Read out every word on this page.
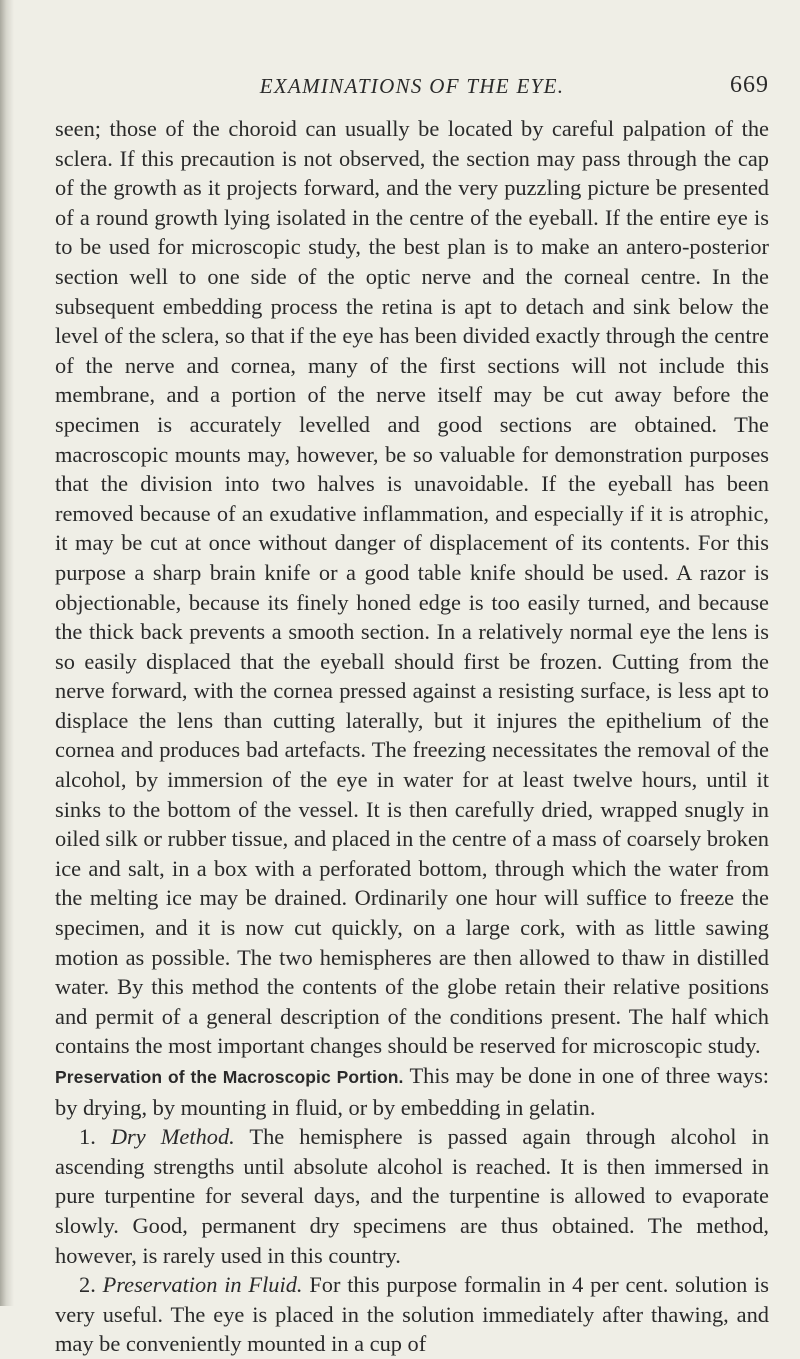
EXAMINATIONS OF THE EYE.	669

seen; those of the choroid can usually be located by careful palpation of the sclera. If this precaution is not observed, the section may pass through the cap of the growth as it projects forward, and the very puzzling picture be presented of a round growth lying isolated in the centre of the eyeball. If the entire eye is to be used for microscopic study, the best plan is to make an antero-posterior section well to one side of the optic nerve and the corneal centre. In the subsequent embedding process the retina is apt to detach and sink below the level of the sclera, so that if the eye has been divided exactly through the centre of the nerve and cornea, many of the first sections will not include this membrane, and a portion of the nerve itself may be cut away before the specimen is accurately levelled and good sections are obtained. The macroscopic mounts may, however, be so valuable for demonstration purposes that the division into two halves is unavoidable. If the eyeball has been removed because of an exudative inflammation, and especially if it is atrophic, it may be cut at once without danger of displacement of its contents. For this purpose a sharp brain knife or a good table knife should be used. A razor is objectionable, because its finely honed edge is too easily turned, and because the thick back prevents a smooth section. In a relatively normal eye the lens is so easily displaced that the eyeball should first be frozen. Cutting from the nerve forward, with the cornea pressed against a resisting surface, is less apt to displace the lens than cutting laterally, but it injures the epithelium of the cornea and produces bad artefacts. The freezing necessitates the removal of the alcohol, by immersion of the eye in water for at least twelve hours, until it sinks to the bottom of the vessel. It is then carefully dried, wrapped snugly in oiled silk or rubber tissue, and placed in the centre of a mass of coarsely broken ice and salt, in a box with a perforated bottom, through which the water from the melting ice may be drained. Ordinarily one hour will suffice to freeze the specimen, and it is now cut quickly, on a large cork, with as little sawing motion as possible. The two hemispheres are then allowed to thaw in distilled water. By this method the contents of the globe retain their relative positions and permit of a general description of the conditions present. The half which contains the most important changes should be reserved for microscopic study.

Preservation of the Macroscopic Portion. This may be done in one of three ways: by drying, by mounting in fluid, or by embedding in gelatin.

1. Dry Method. The hemisphere is passed again through alcohol in ascending strengths until absolute alcohol is reached. It is then immersed in pure turpentine for several days, and the turpentine is allowed to evaporate slowly. Good, permanent dry specimens are thus obtained. The method, however, is rarely used in this country.

2. Preservation in Fluid. For this purpose formalin in 4 per cent. solution is very useful. The eye is placed in the solution immediately after thawing, and may be conveniently mounted in a cup of
